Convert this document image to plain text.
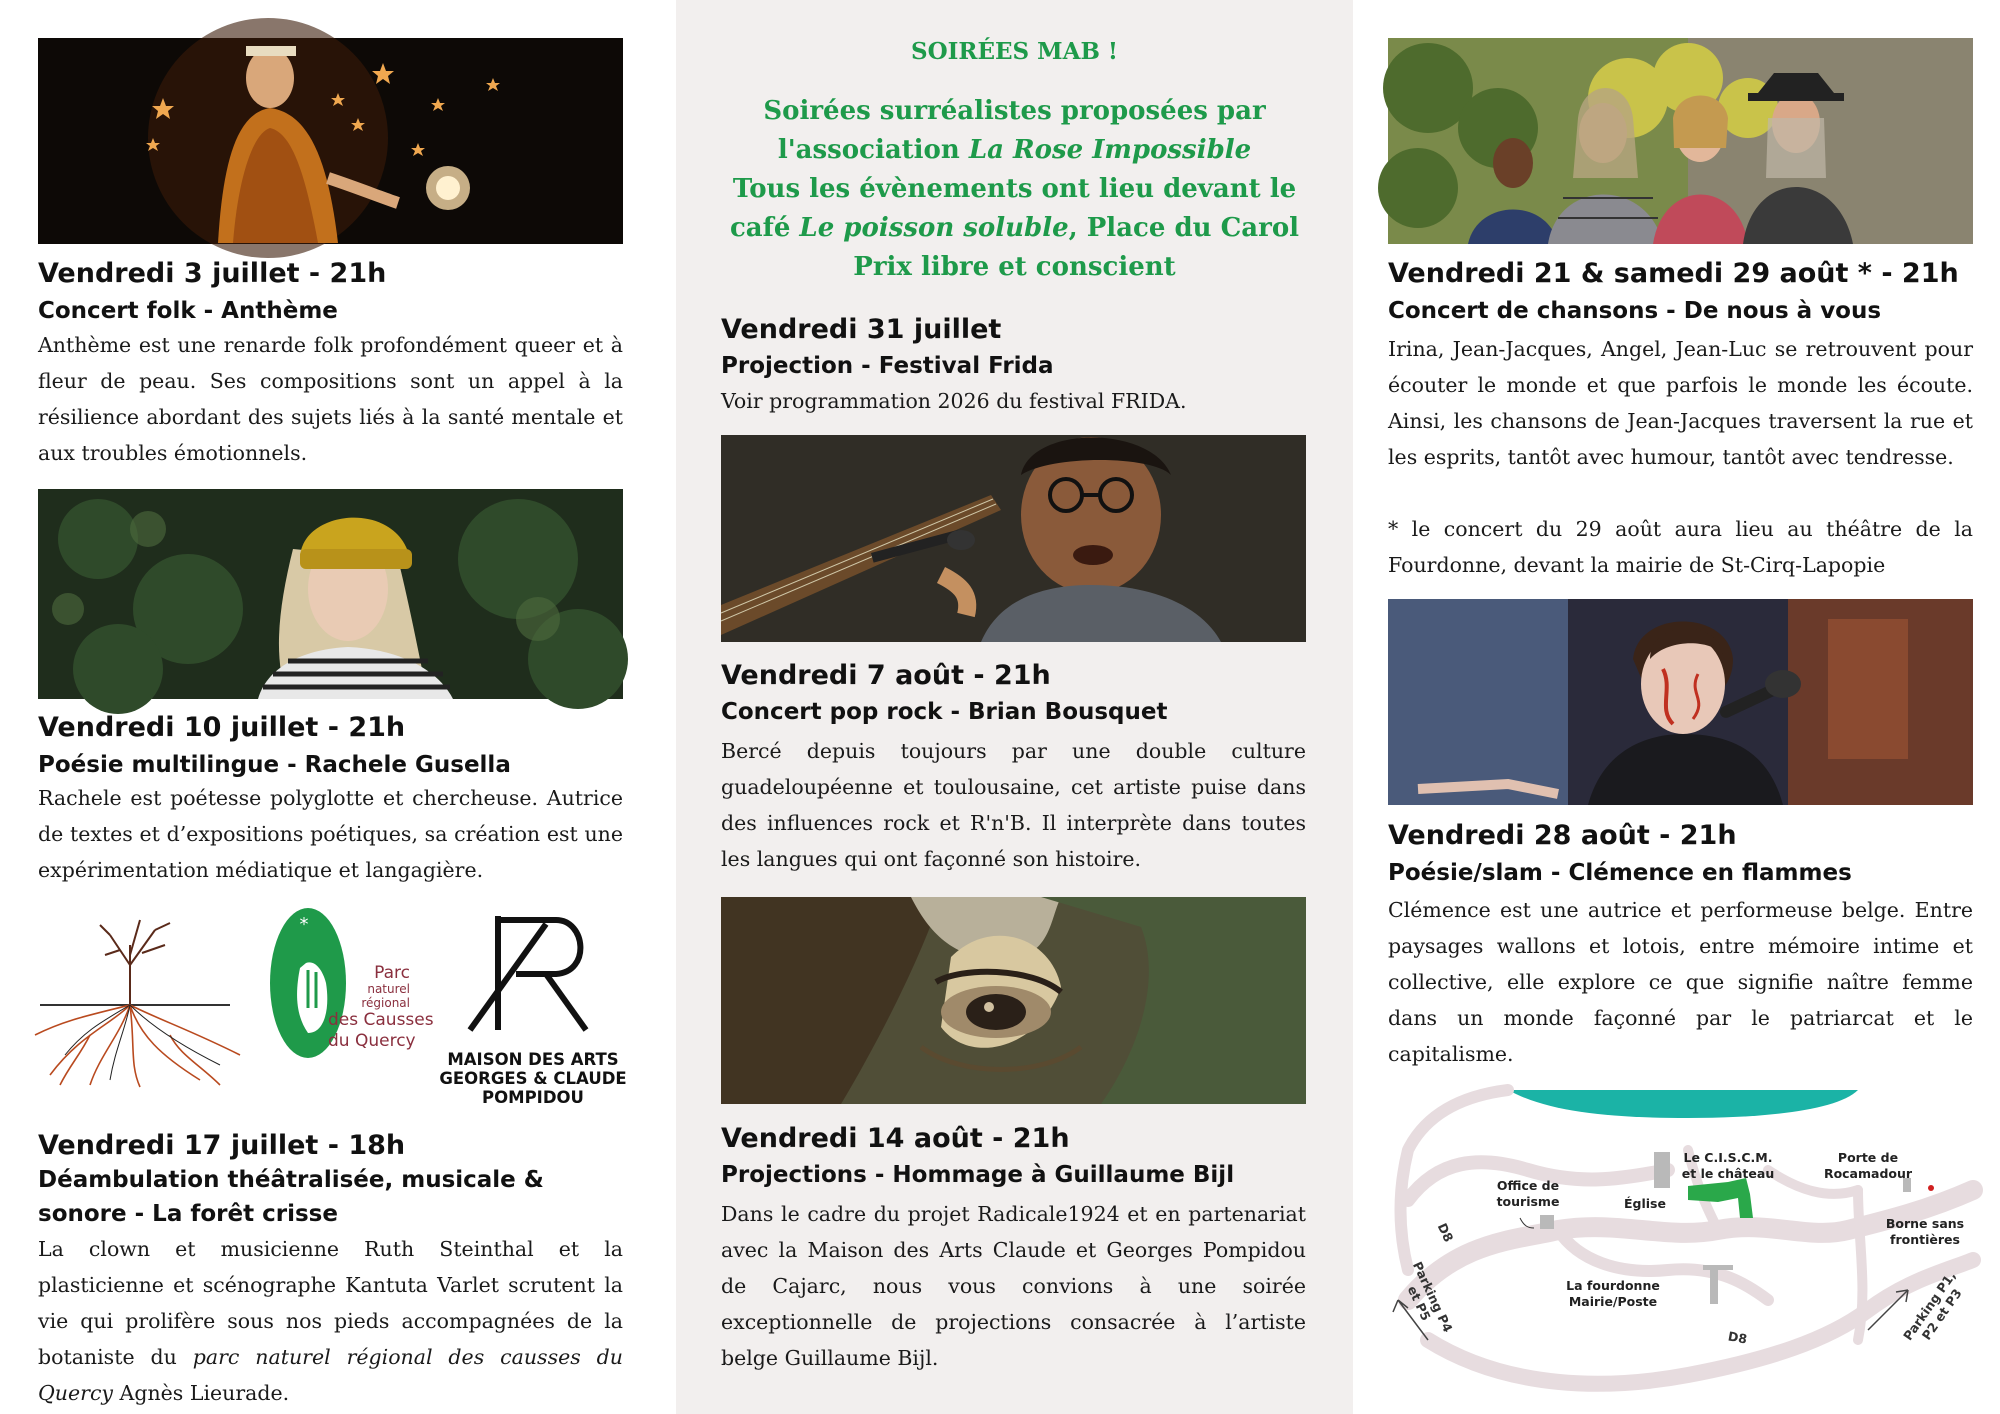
Vendredi 3 juillet - 21h
Concert folk - Anthème
Anthème est une renarde folk profondément queer et à fleur de peau. Ses compositions sont un appel à la résilience abordant des sujets liés à la santé mentale et aux troubles émotionnels.
Vendredi 10 juillet - 21h
Poésie multilingue - Rachele Gusella
Rachele est poétesse polyglotte et chercheuse. Autrice de textes et d’expositions poétiques, sa création est une expérimentation médiatique et langagière.
*
Parc
naturel
régional
des Causses
du Quercy
MAISON DES ARTS
GEORGES & CLAUDE
POMPIDOU
Vendredi 17 juillet - 18h
Déambulation théâtralisée, musicale & sonore - La forêt crisse
La clown et musicienne Ruth Steinthal et la plasticienne et scénographe Kantuta Varlet scrutent la vie qui prolifère sous nos pieds accompagnées de la botaniste du parc naturel régional des causses du Quercy Agnès Lieurade.
SOIRÉES MAB !
Soirées surréalistes proposées par
l'association La Rose Impossible
Tous les évènements ont lieu devant le
café Le poisson soluble, Place du Carol
Prix libre et conscient
Vendredi 31 juillet
Projection - Festival Frida
Voir programmation 2026 du festival FRIDA.
Vendredi 7 août - 21h
Concert pop rock - Brian Bousquet
Bercé depuis toujours par une double culture guadeloupéenne et toulousaine, cet artiste puise dans des influences rock et R'n'B. Il interprète dans toutes les langues qui ont façonné son histoire.
Vendredi 14 août - 21h
Projections - Hommage à Guillaume Bijl
Dans le cadre du projet Radicale1924 et en partenariat avec la Maison des Arts Claude et Georges Pompidou de Cajarc, nous vous convions à une soirée exceptionnelle de projections consacrée à l’artiste belge Guillaume Bijl.
Vendredi 21 & samedi 29 août * - 21h
Concert de chansons - De nous à vous
Irina, Jean-Jacques, Angel, Jean-Luc se retrouvent pour écouter le monde et que parfois le monde les écoute. Ainsi, les chansons de Jean-Jacques traversent la rue et les esprits, tantôt avec humour, tantôt avec tendresse.
* le concert du 29 août aura lieu au théâtre de la Fourdonne, devant la mairie de St-Cirq-Lapopie
Vendredi 28 août - 21h
Poésie/slam - Clémence en flammes
Clémence est une autrice et performeuse belge. Entre paysages wallons et lotois, entre mémoire intime et collective, elle explore ce que signifie naître femme dans un monde façonné par le patriarcat et le capitalisme.
Office de tourisme	Église
Le C.I.S.C.M. et le château
Porte de Rocamadour
Borne sans frontières
La fourdonne Mairie/Poste
D8
D8
Parking P4 et P5	Parking P1, P2 et P3
